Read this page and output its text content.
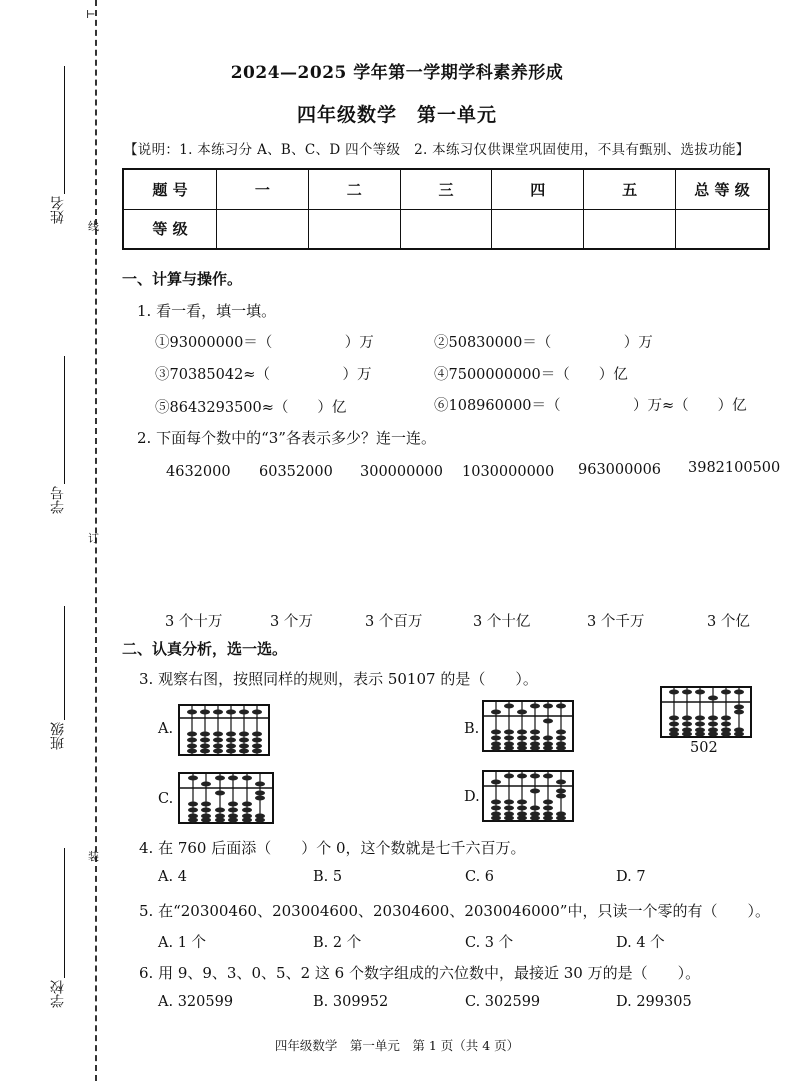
⊢
线
订
装
姓名
学号
班级
学校
2024—2025 学年第一学期学科素养形成
四年级数学　第一单元
【说明：1. 本练习分 A、B、C、D 四个等级　2. 本练习仅供课堂巩固使用，不具有甄别、选拔功能】
题 号	一	二	三	四	五	总 等 级
等 级						
一、计算与操作。
1. 看一看，填一填。
①93000000＝（　　　　　）万	②50830000＝（　　　　　）万
③70385042≈（　　　　　）万	④7500000000＝（　　）亿
⑤8643293500≈（　　）亿	⑥108960000＝（　　　　　）万≈（　　）亿
2. 下面每个数中的“3”各表示多少？连一连。
4632000 60352000 300000000 1030000000 963000006 3982100500
3 个十万	3 个万	3 个百万	3 个十亿	3 个千万	3 个亿
二、认真分析，选一选。
3. 观察右图，按照同样的规则，表示 50107 的是（　　）。
A.	B.
C.	D.
502
4. 在 760 后面添（　　）个 0，这个数就是七千六百万。
A. 4	B. 5	C. 6	D. 7
5. 在“20300460、203004600、20304600、2030046000”中，只读一个零的有（　　）。
A. 1 个	B. 2 个	C. 3 个	D. 4 个
6. 用 9、9、3、0、5、2 这 6 个数字组成的六位数中，最接近 30 万的是（　　）。
A. 320599	B. 309952	C. 302599	D. 299305
四年级数学　第一单元　第 1 页（共 4 页）
